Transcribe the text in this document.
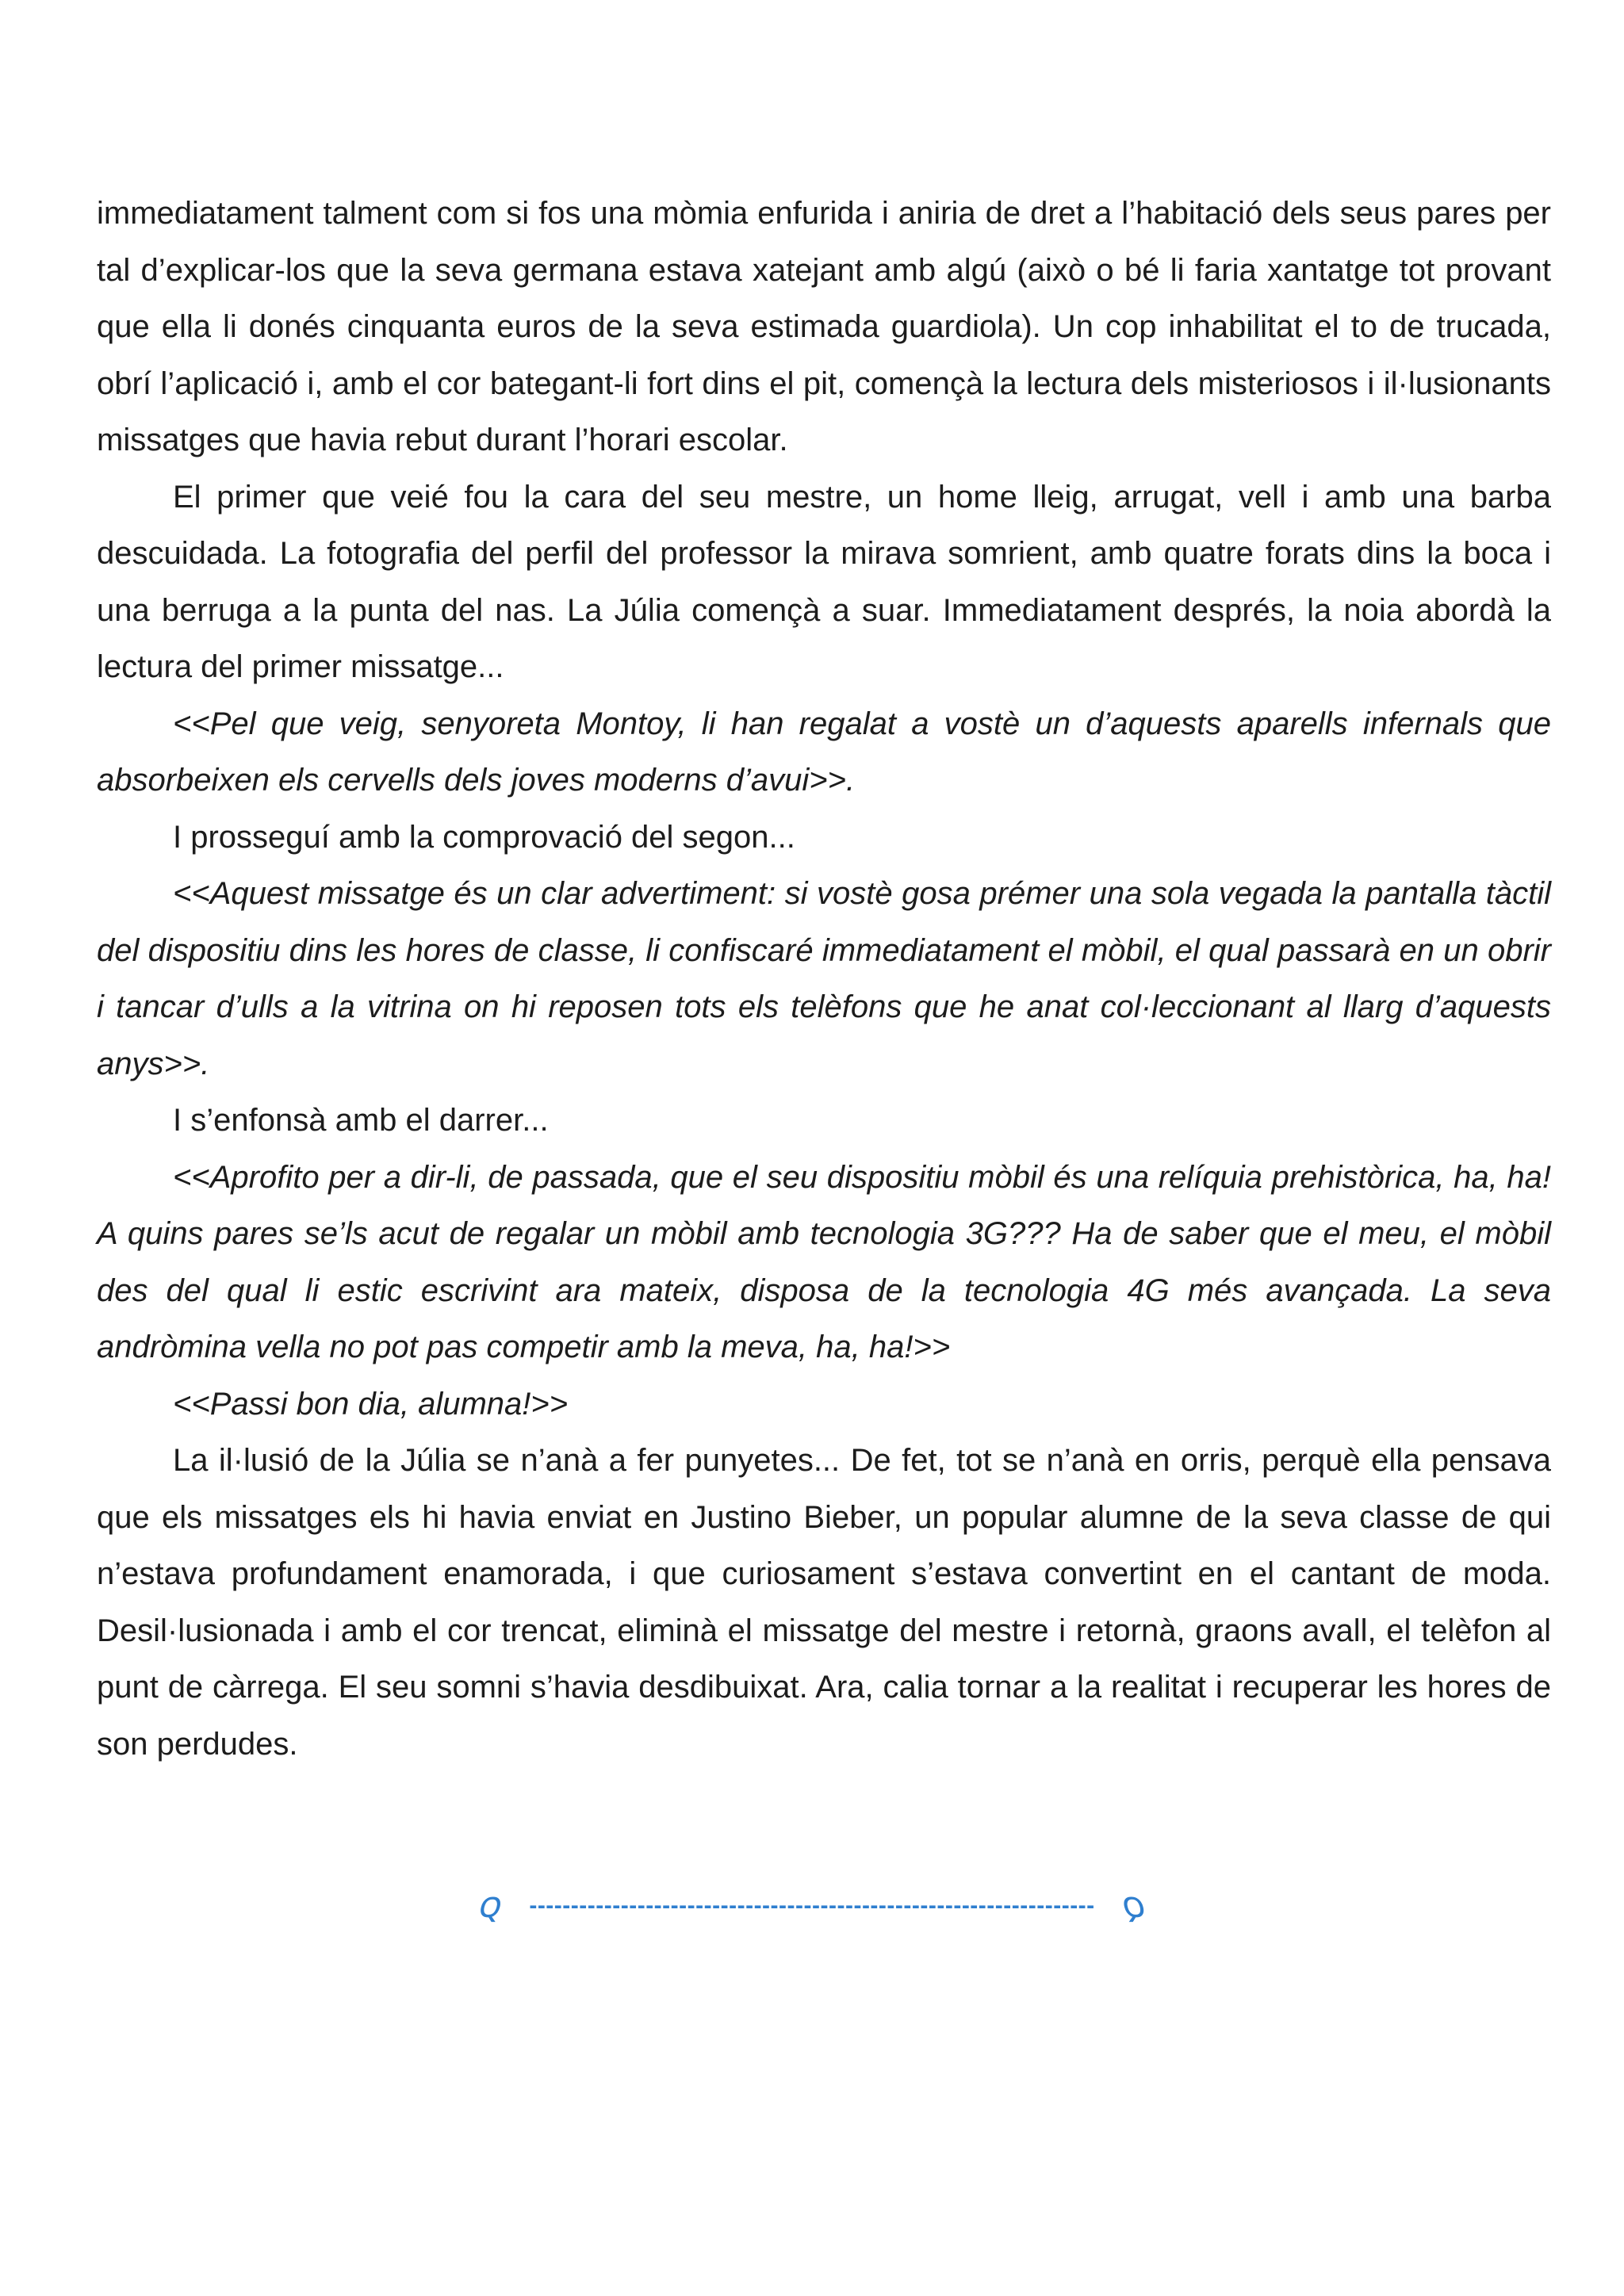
immediatament talment com si fos una mòmia enfurida i aniria de dret a l’habitació dels seus pares per tal d’explicar-los que la seva germana estava xatejant amb algú (això o bé li faria xantatge tot provant que ella li donés cinquanta euros de la seva estimada guardiola). Un cop inhabilitat el to de trucada, obrí l’aplicació i, amb el cor bategant-li fort dins el pit, començà la lectura dels misteriosos i il·lusionants missatges que havia rebut durant l’horari escolar.

El primer que veié fou la cara del seu mestre, un home lleig, arrugat, vell i amb una barba descuidada. La fotografia del perfil del professor la mirava somrient, amb quatre forats dins la boca i una berruga a la punta del nas. La Júlia començà a suar. Immediatament després, la noia abordà la lectura del primer missatge...

<<Pel que veig, senyoreta Montoy, li han regalat a vostè un d’aquests aparells infernals que absorbeixen els cervells dels joves moderns d’avui>>.

I prosseguí amb la comprovació del segon...

<<Aquest missatge és un clar advertiment: si vostè gosa prémer una sola vegada la pantalla tàctil del dispositiu dins les hores de classe, li confiscaré immediatament el mòbil, el qual passarà en un obrir i tancar d’ulls a la vitrina on hi reposen tots els telèfons que he anat col·leccionant al llarg d’aquests anys>>.

I s’enfonsà amb el darrer...

<<Aprofito per a dir-li, de passada, que el seu dispositiu mòbil és una relíquia prehistòrica, ha, ha! A quins pares se’ls acut de regalar un mòbil amb tecnologia 3G??? Ha de saber que el meu, el mòbil des del qual li estic escrivint ara mateix, disposa de la tecnologia 4G més avançada. La seva andròmina vella no pot pas competir amb la meva, ha, ha!>>

<<Passi bon dia, alumna!>>

La il·lusió de la Júlia se n’anà a fer punyetes... De fet, tot se n’anà en orris, perquè ella pensava que els missatges els hi havia enviat en Justino Bieber, un popular alumne de la seva classe de qui n’estava profundament enamorada, i que curiosament s’estava convertint en el cantant de moda. Desil·lusionada i amb el cor trencat, eliminà el missatge del mestre i retornà, graons avall, el telèfon al punt de càrrega. El seu somni s’havia desdibuixat. Ara, calia tornar a la realitat i recuperar les hores de son perdudes.

ꞯ -------------------------------------------------------------------- ꞯ
